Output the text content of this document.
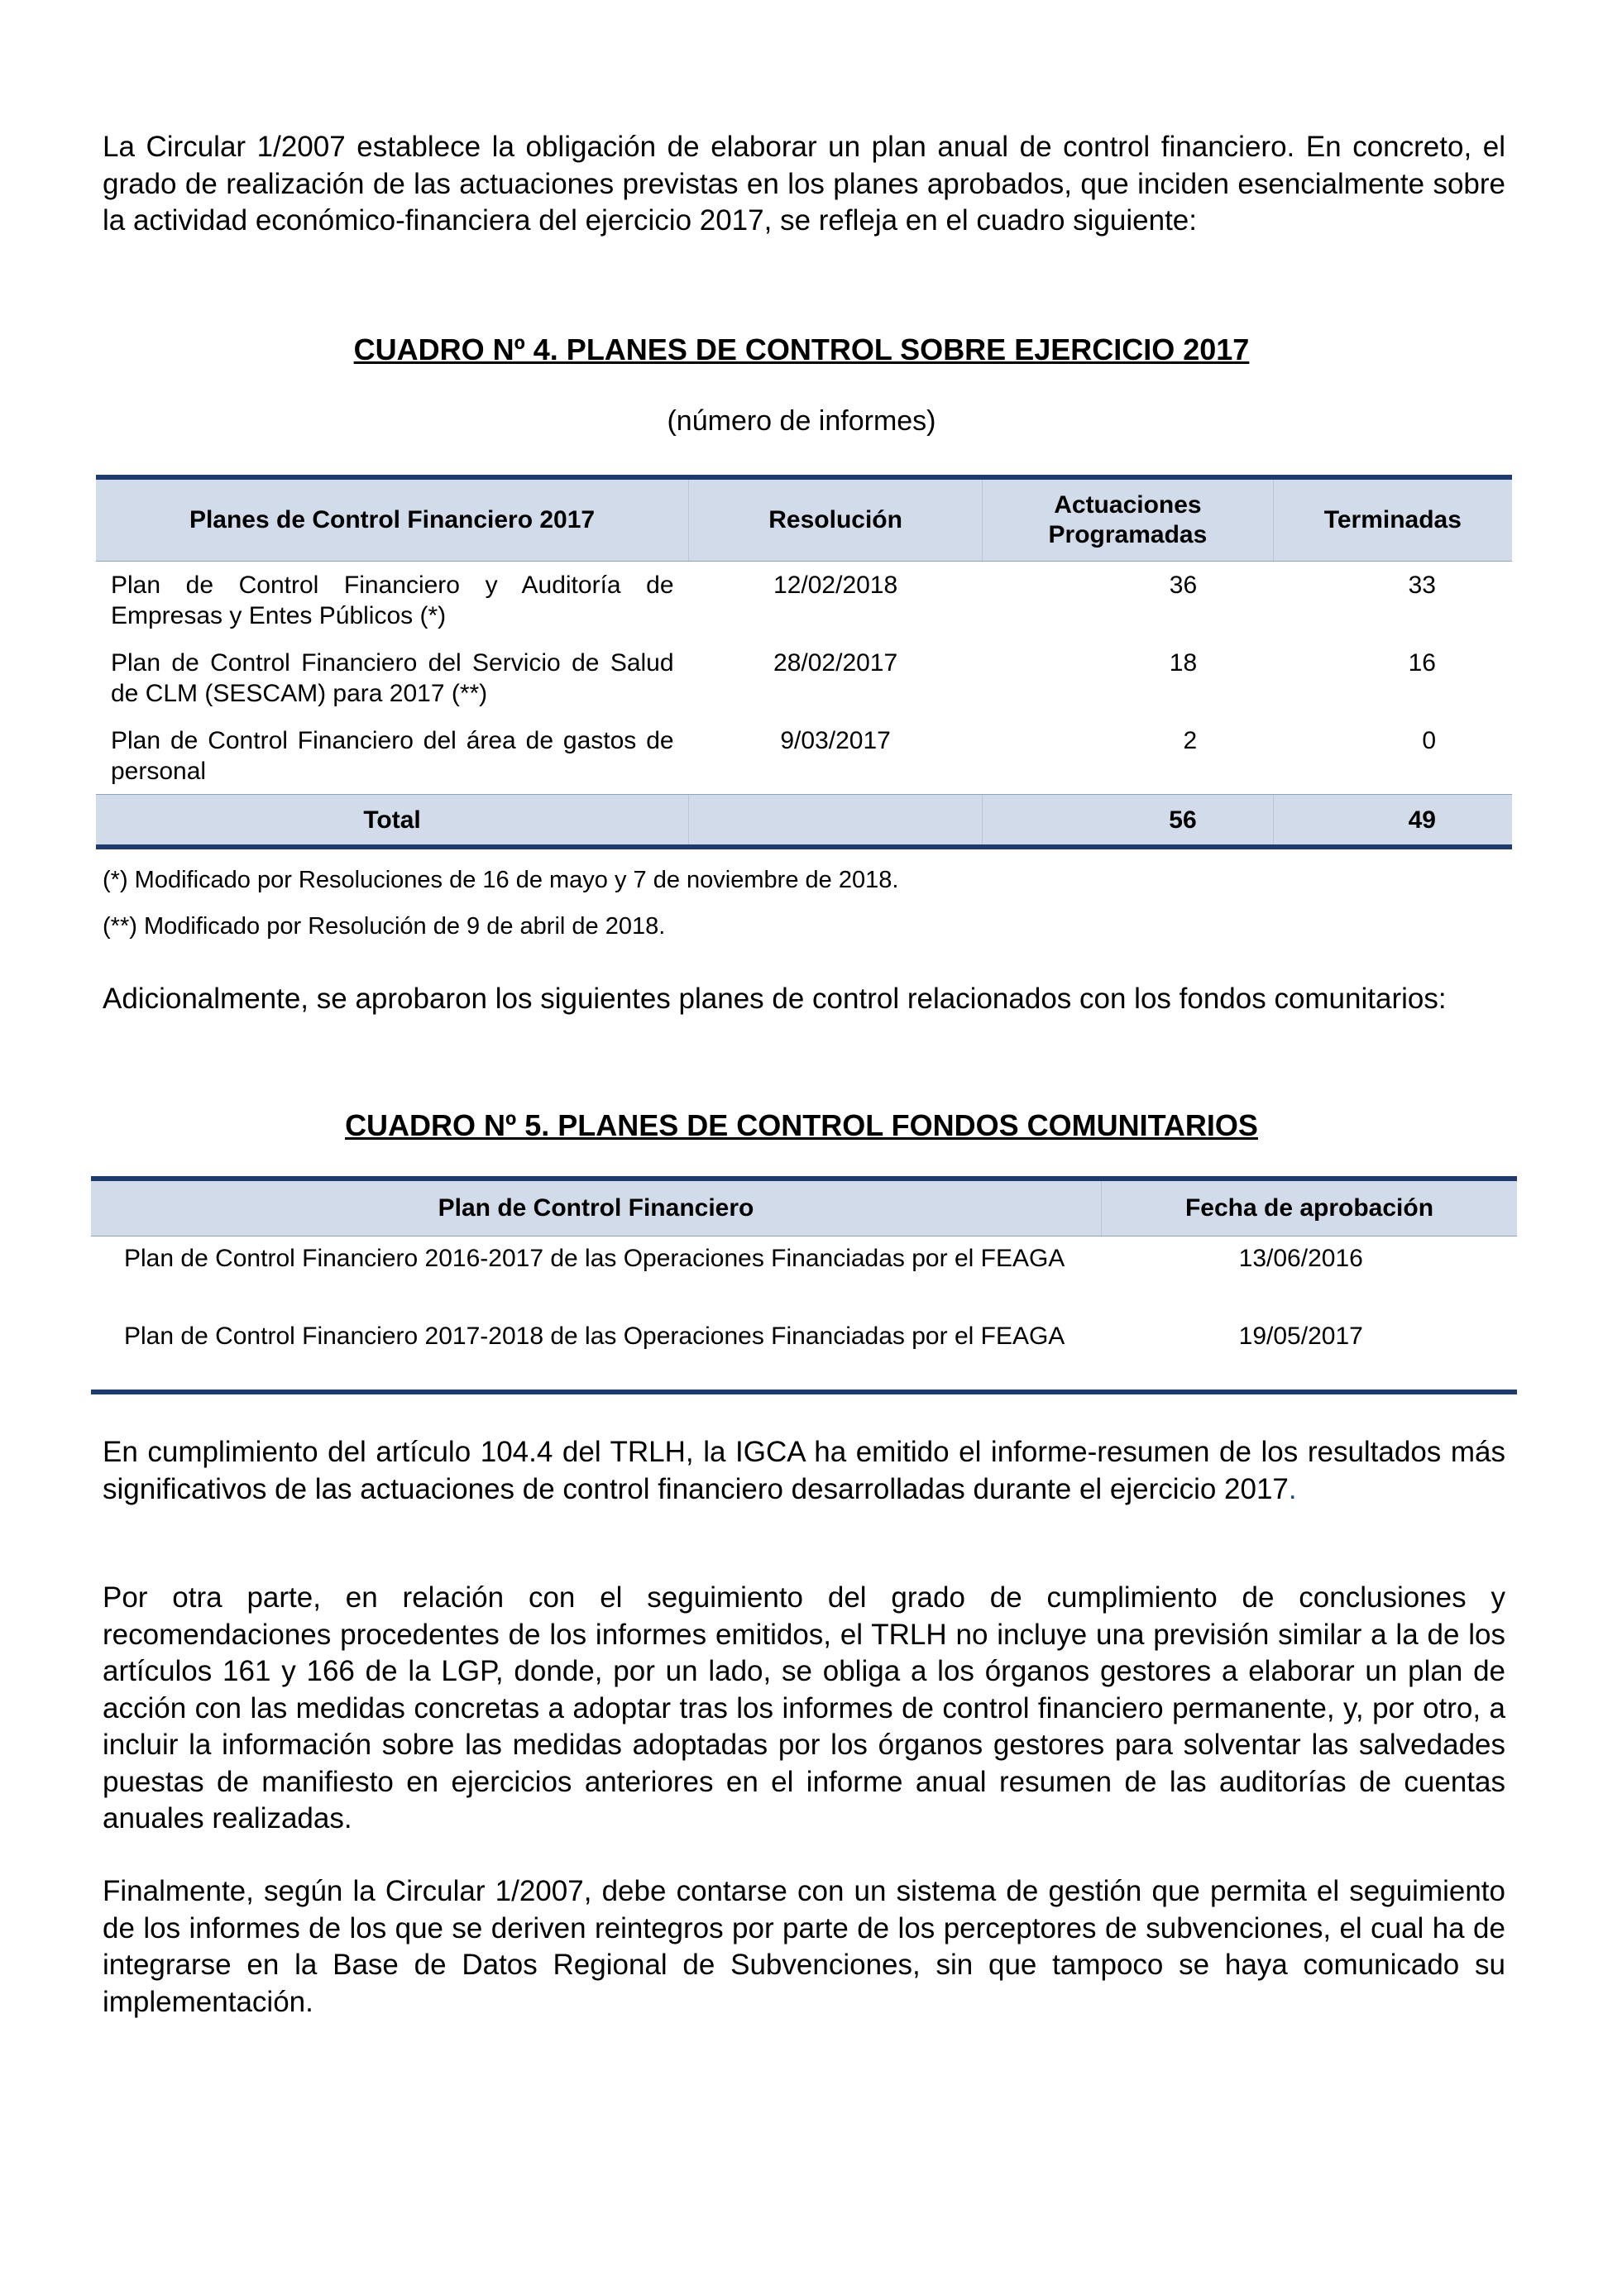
La Circular 1/2007 establece la obligación de elaborar un plan anual de control financiero. En concreto, el grado de realización de las actuaciones previstas en los planes aprobados, que inciden esencialmente sobre la actividad económico-financiera del ejercicio 2017, se refleja en el cuadro siguiente:

CUADRO Nº 4. PLANES DE CONTROL SOBRE EJERCICIO 2017

(número de informes)

Planes de Control Financiero 2017	Resolución	Actuaciones Programadas	Terminadas
Plan de Control Financiero y Auditoría de Empresas y Entes Públicos (*)	12/02/2018	36	33
Plan de Control Financiero del Servicio de Salud de CLM (SESCAM) para 2017 (**)	28/02/2017	18	16
Plan de Control Financiero del área de gastos de personal	9/03/2017	2	0
Total		56	49

(*) Modificado por Resoluciones de 16 de mayo y 7 de noviembre de 2018.

(**) Modificado por Resolución de 9 de abril de 2018.

Adicionalmente, se aprobaron los siguientes planes de control relacionados con los fondos comunitarios:

CUADRO Nº 5. PLANES DE CONTROL FONDOS COMUNITARIOS

Plan de Control Financiero	Fecha de aprobación
Plan de Control Financiero 2016-2017 de las Operaciones Financiadas por el FEAGA	13/06/2016
Plan de Control Financiero 2017-2018 de las Operaciones Financiadas por el FEAGA	19/05/2017

En cumplimiento del artículo 104.4 del TRLH, la IGCA ha emitido el informe-resumen de los resultados más significativos de las actuaciones de control financiero desarrolladas durante el ejercicio 2017.

Por otra parte, en relación con el seguimiento del grado de cumplimiento de conclusiones y recomendaciones procedentes de los informes emitidos, el TRLH no incluye una previsión similar a la de los artículos 161 y 166 de la LGP, donde, por un lado, se obliga a los órganos gestores a elaborar un plan de acción con las medidas concretas a adoptar tras los informes de control financiero permanente, y, por otro, a incluir la información sobre las medidas adoptadas por los órganos gestores para solventar las salvedades puestas de manifiesto en ejercicios anteriores en el informe anual resumen de las auditorías de cuentas anuales realizadas.

Finalmente, según la Circular 1/2007, debe contarse con un sistema de gestión que permita el seguimiento de los informes de los que se deriven reintegros por parte de los perceptores de subvenciones, el cual ha de integrarse en la Base de Datos Regional de Subvenciones, sin que tampoco se haya comunicado su implementación.
